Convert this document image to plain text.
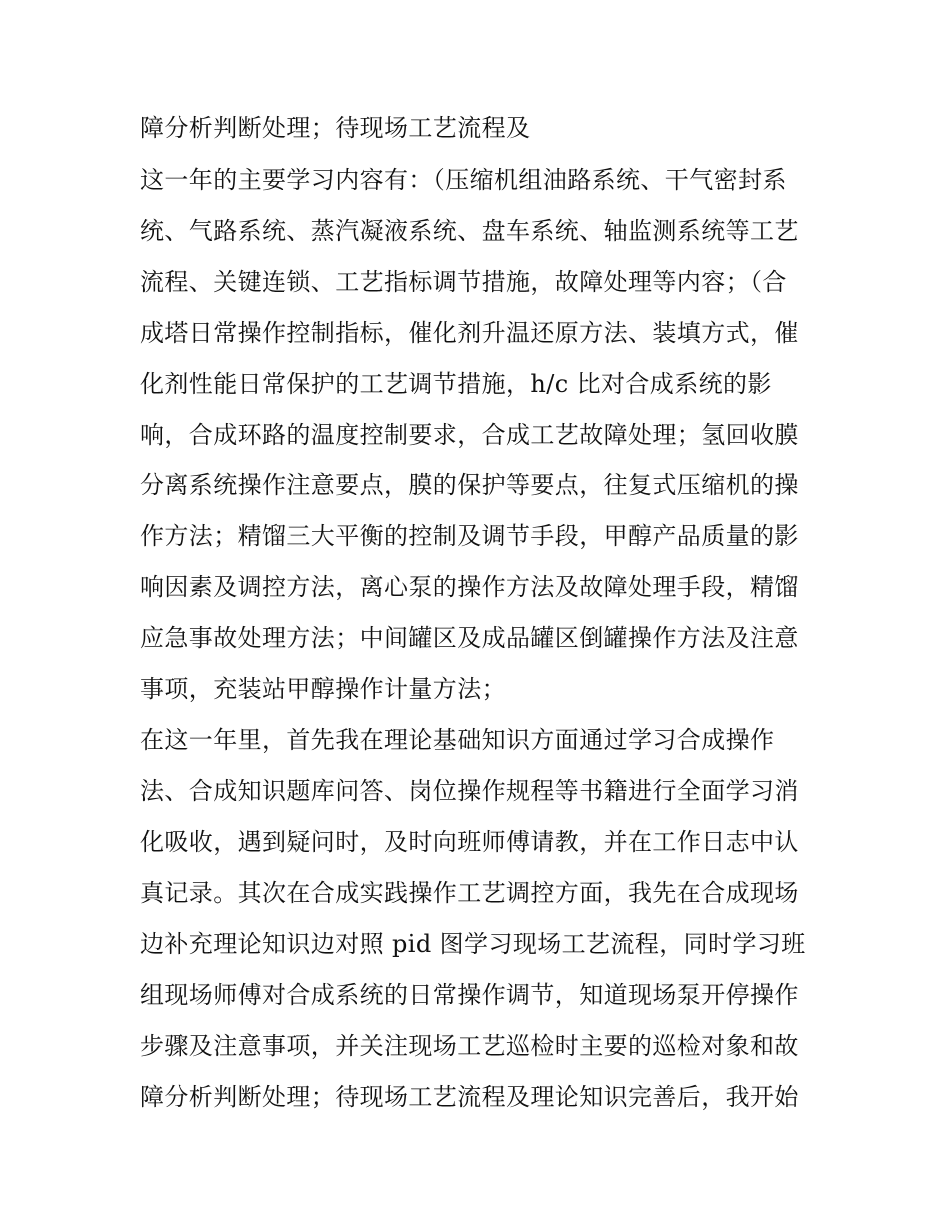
障分析判断处理；待现场工艺流程及
这一年的主要学习内容有：（压缩机组油路系统、干气密封系
统、气路系统、蒸汽凝液系统、盘车系统、轴监测系统等工艺
流程、关键连锁、工艺指标调节措施，故障处理等内容；（合
成塔日常操作控制指标，催化剂升温还原方法、装填方式，催
化剂性能日常保护的工艺调节措施，h/c 比对合成系统的影
响，合成环路的温度控制要求，合成工艺故障处理；氢回收膜
分离系统操作注意要点，膜的保护等要点，往复式压缩机的操
作方法；精馏三大平衡的控制及调节手段，甲醇产品质量的影
响因素及调控方法，离心泵的操作方法及故障处理手段，精馏
应急事故处理方法；中间罐区及成品罐区倒罐操作方法及注意
事项，充装站甲醇操作计量方法；
在这一年里，首先我在理论基础知识方面通过学习合成操作
法、合成知识题库问答、岗位操作规程等书籍进行全面学习消
化吸收，遇到疑问时，及时向班师傅请教，并在工作日志中认
真记录。其次在合成实践操作工艺调控方面，我先在合成现场
边补充理论知识边对照 pid 图学习现场工艺流程，同时学习班
组现场师傅对合成系统的日常操作调节，知道现场泵开停操作
步骤及注意事项，并关注现场工艺巡检时主要的巡检对象和故
障分析判断处理；待现场工艺流程及理论知识完善后，我开始
